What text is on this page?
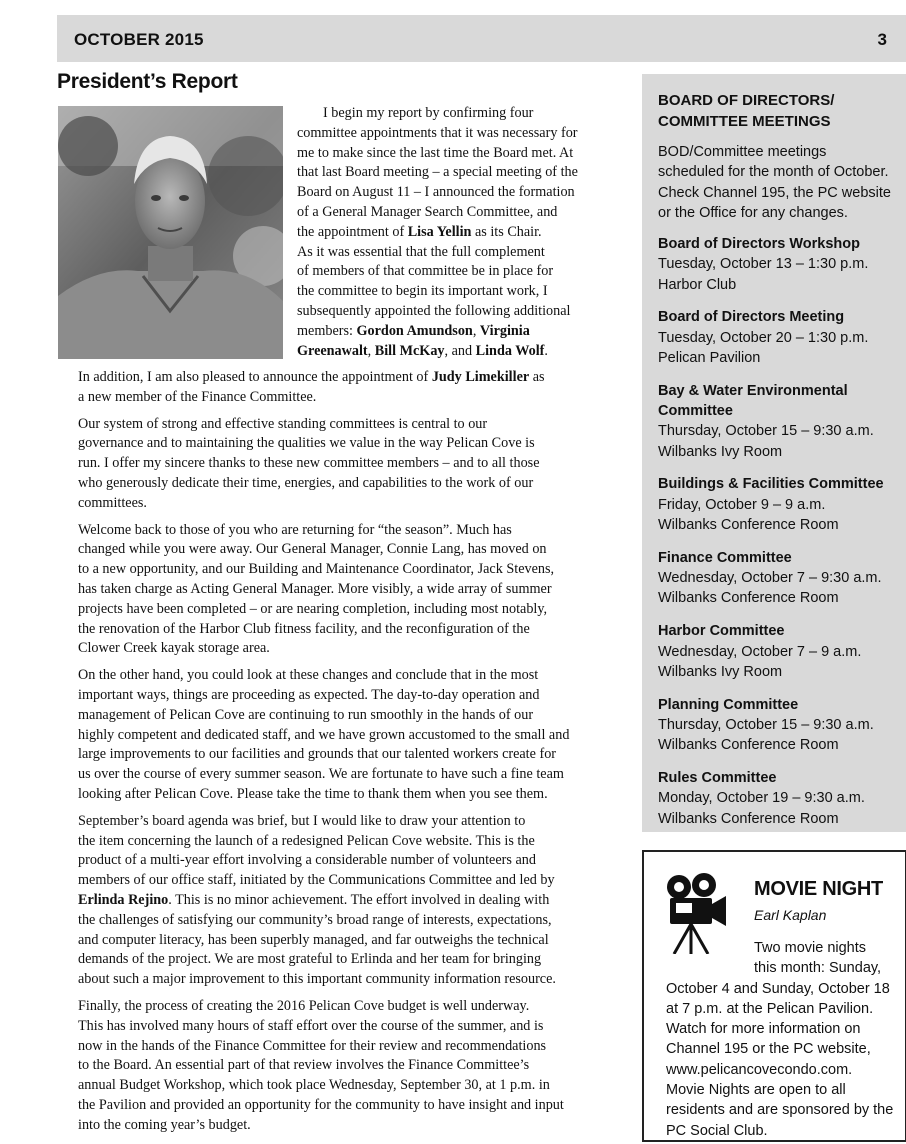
OCTOBER 2015	3
President’s Report
I begin my report by confirming four
committee appointments that it was necessary for
me to make since the last time the Board met. At
that last Board meeting – a special meeting of the
Board on August 11 – I announced the formation
of a General Manager Search Committee, and
the appointment of Lisa Yellin as its Chair.
As it was essential that the full complement
of members of that committee be in place for
the committee to begin its important work, I
subsequently appointed the following additional
members: Gordon Amundson, Virginia
Greenawalt, Bill McKay, and Linda Wolf.

In addition, I am also pleased to announce the appointment of Judy Limekiller as
a new member of the Finance Committee.

Our system of strong and effective standing committees is central to our
governance and to maintaining the qualities we value in the way Pelican Cove is
run. I offer my sincere thanks to these new committee members – and to all those
who generously dedicate their time, energies, and capabilities to the work of our
committees.

Welcome back to those of you who are returning for “the season”. Much has
changed while you were away. Our General Manager, Connie Lang, has moved on
to a new opportunity, and our Building and Maintenance Coordinator, Jack Stevens,
has taken charge as Acting General Manager. More visibly, a wide array of summer
projects have been completed – or are nearing completion, including most notably,
the renovation of the Harbor Club fitness facility, and the reconfiguration of the
Clower Creek kayak storage area.

On the other hand, you could look at these changes and conclude that in the most
important ways, things are proceeding as expected. The day-to-day operation and
management of Pelican Cove are continuing to run smoothly in the hands of our
highly competent and dedicated staff, and we have grown accustomed to the small and
large improvements to our facilities and grounds that our talented workers create for
us over the course of every summer season. We are fortunate to have such a fine team
looking after Pelican Cove. Please take the time to thank them when you see them.

September’s board agenda was brief, but I would like to draw your attention to
the item concerning the launch of a redesigned Pelican Cove website. This is the
product of a multi-year effort involving a considerable number of volunteers and
members of our office staff, initiated by the Communications Committee and led by
Erlinda Rejino. This is no minor achievement. The effort involved in dealing with
the challenges of satisfying our community’s broad range of interests, expectations,
and computer literacy, has been superbly managed, and far outweighs the technical
demands of the project. We are most grateful to Erlinda and her team for bringing
about such a major improvement to this important community information resource.

Finally, the process of creating the 2016 Pelican Cove budget is well underway.
This has involved many hours of staff effort over the course of the summer, and is
now in the hands of the Finance Committee for their review and recommendations
to the Board. An essential part of that review involves the Finance Committee’s
annual Budget Workshop, which took place Wednesday, September 30, at 1 p.m. in
the Pavilion and provided an opportunity for the community to have insight and input
into the coming year’s budget.

BOARD OF DIRECTORS/
COMMITTEE MEETINGS
BOD/Committee meetings
scheduled for the month of October.
Check Channel 195, the PC website
or the Office for any changes.
Board of Directors Workshop
Tuesday, October 13 – 1:30 p.m.
Harbor Club
Board of Directors Meeting
Tuesday, October 20 – 1:30 p.m.
Pelican Pavilion
Bay & Water Environmental
Committee
Thursday, October 15 – 9:30 a.m.
Wilbanks Ivy Room
Buildings & Facilities Committee
Friday, October 9 – 9 a.m.
Wilbanks Conference Room
Finance Committee
Wednesday, October 7 – 9:30 a.m.
Wilbanks Conference Room
Harbor Committee
Wednesday, October 7 – 9 a.m.
Wilbanks Ivy Room
Planning Committee
Thursday, October 15 – 9:30 a.m.
Wilbanks Conference Room
Rules Committee
Monday, October 19 – 9:30 a.m.
Wilbanks Conference Room
MOVIE NIGHT
Earl Kaplan
Two movie nights
this month: Sunday,
October 4 and Sunday, October 18
at 7 p.m. at the Pelican Pavilion.
Watch for more information on
Channel 195 or the PC website,
www.pelicancovecondo.com.
Movie Nights are open to all
residents and are sponsored by the
PC Social Club.
